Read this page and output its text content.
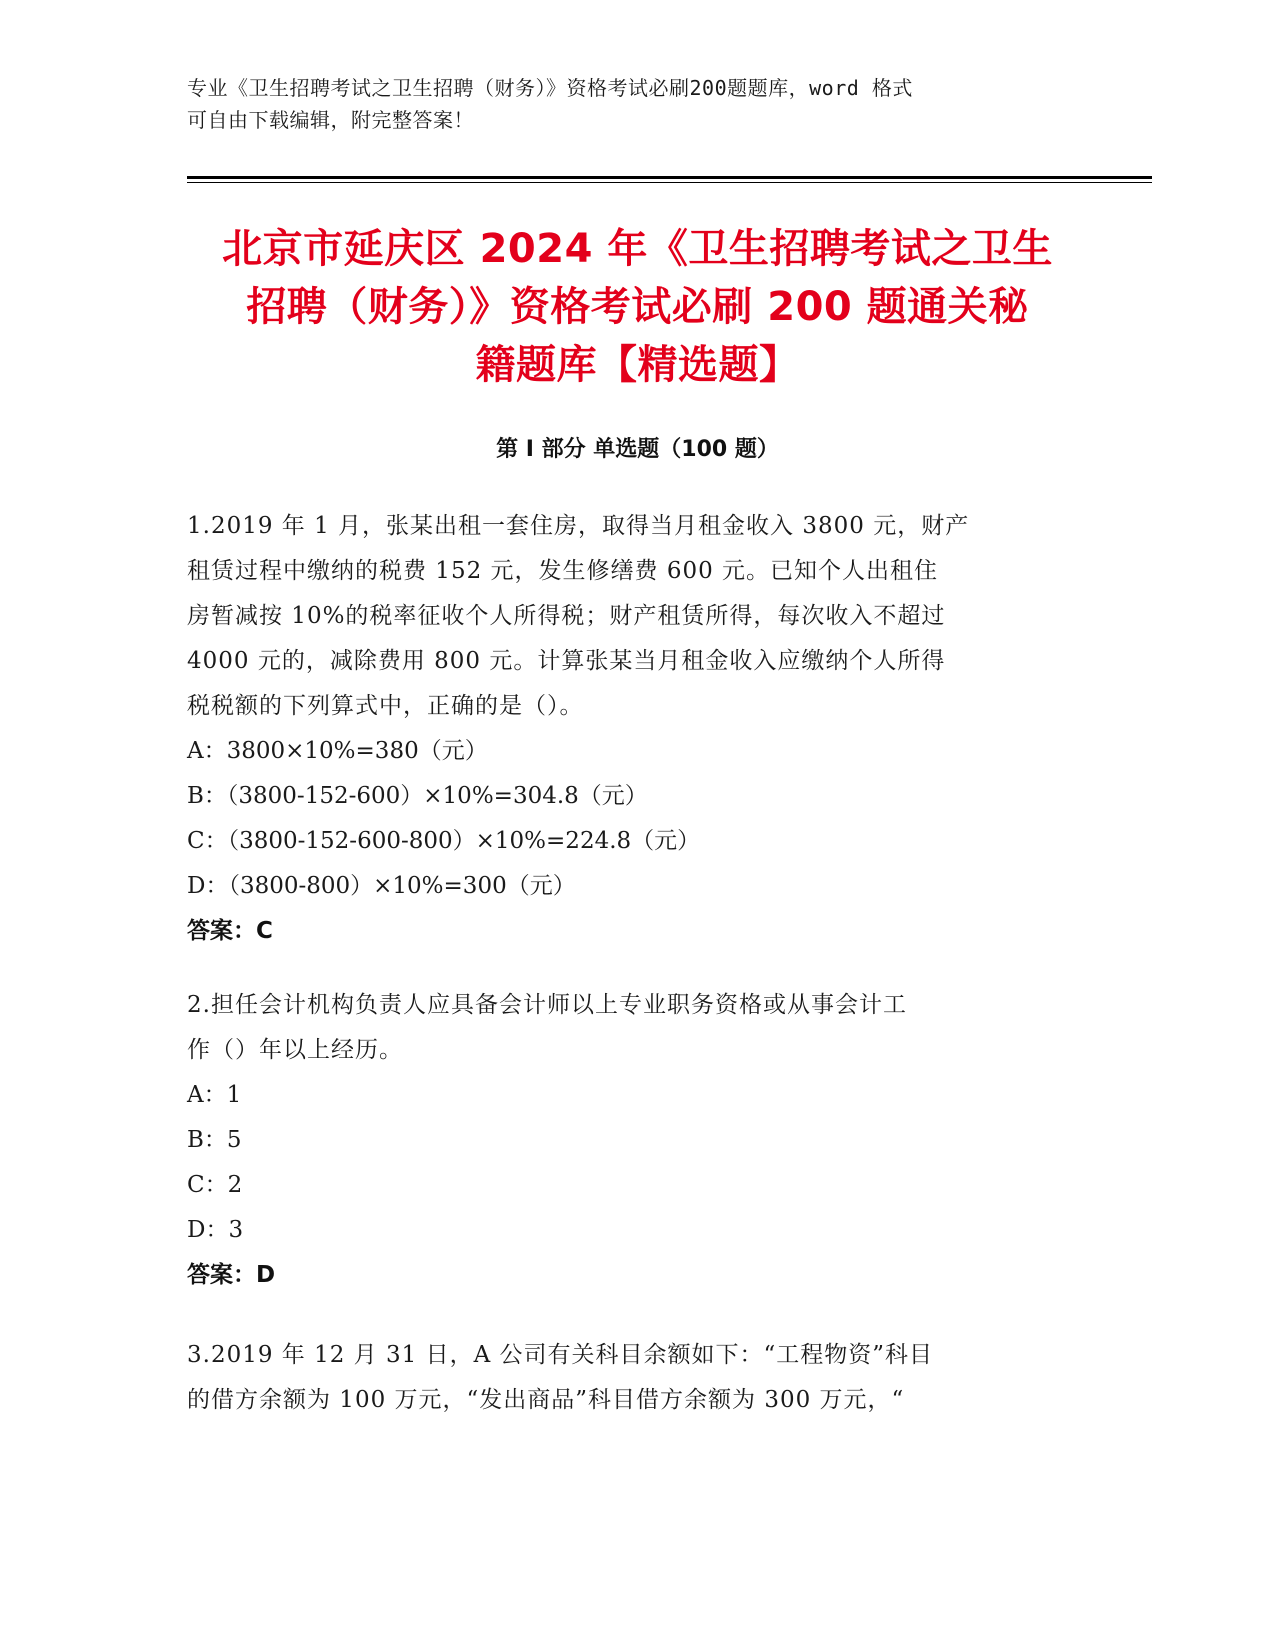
专业《卫生招聘考试之卫生招聘（财务）》资格考试必刷200题题库，word 格式

可自由下载编辑，附完整答案！

北京市延庆区 2024 年《卫生招聘考试之卫生

招聘（财务）》资格考试必刷 200 题通关秘

籍题库【精选题】

第 I 部分 单选题（100 题）

1.2019 年 1 月，张某出租一套住房，取得当月租金收入 3800 元，财产

租赁过程中缴纳的税费 152 元，发生修缮费 600 元。已知个人出租住

房暂减按 10%的税率征收个人所得税；财产租赁所得，每次收入不超过

4000 元的，减除费用 800 元。计算张某当月租金收入应缴纳个人所得

税税额的下列算式中，正确的是（）。

A：3800×10%=380（元）

B：（3800-152-600）×10%=304.8（元）

C：（3800-152-600-800）×10%=224.8（元）

D：（3800-800）×10%=300（元）

答案：C

2.担任会计机构负责人应具备会计师以上专业职务资格或从事会计工

作（）年以上经历。

A：1

B：5

C：2

D：3

答案：D

3.2019 年 12 月 31 日，A 公司有关科目余额如下：“工程物资”科目

的借方余额为 100 万元，“发出商品”科目借方余额为 300 万元，“
